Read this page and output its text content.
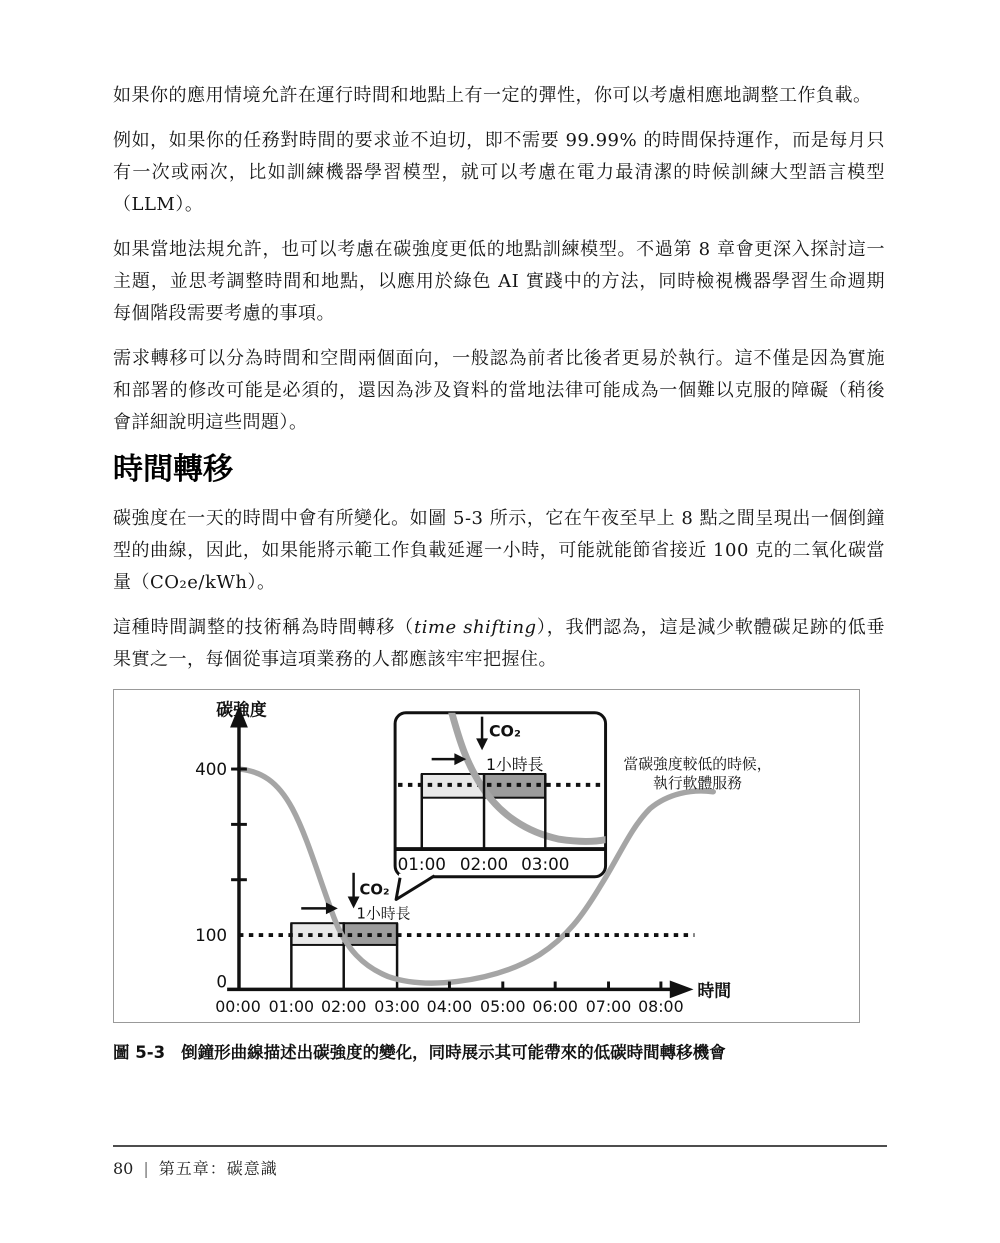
如果你的應用情境允許在運行時間和地點上有一定的彈性，你可以考慮相應地調整工作負載。

例如，如果你的任務對時間的要求並不迫切，即不需要 99.99% 的時間保持運作，而是每月只有一次或兩次，比如訓練機器學習模型，就可以考慮在電力最清潔的時候訓練大型語言模型（LLM）。

如果當地法規允許，也可以考慮在碳強度更低的地點訓練模型。不過第 8 章會更深入探討這一主題，並思考調整時間和地點，以應用於綠色 AI 實踐中的方法，同時檢視機器學習生命週期每個階段需要考慮的事項。

需求轉移可以分為時間和空間兩個面向，一般認為前者比後者更易於執行。這不僅是因為實施和部署的修改可能是必須的，還因為涉及資料的當地法律可能成為一個難以克服的障礙（稍後會詳細說明這些問題）。

時間轉移

碳強度在一天的時間中會有所變化。如圖 5-3 所示，它在午夜至早上 8 點之間呈現出一個倒鐘型的曲線，因此，如果能將示範工作負載延遲一小時，可能就能節省接近 100 克的二氧化碳當量（CO₂e/kWh）。

這種時間調整的技術稱為時間轉移（time shifting），我們認為，這是減少軟體碳足跡的低垂果實之一，每個從事這項業務的人都應該牢牢把握住。

碳強度
400
100
0	時間
00:00 01:00 02:00 03:00 04:00 05:00 06:00 07:00 08:00
CO₂
1小時長
當碳強度較低的時候，
執行軟體服務
CO₂
1小時長
01:00 02:00 03:00
圖 5-3 倒鐘形曲線描述出碳強度的變化，同時展示其可能帶來的低碳時間轉移機會
80 | 第五章：碳意識
